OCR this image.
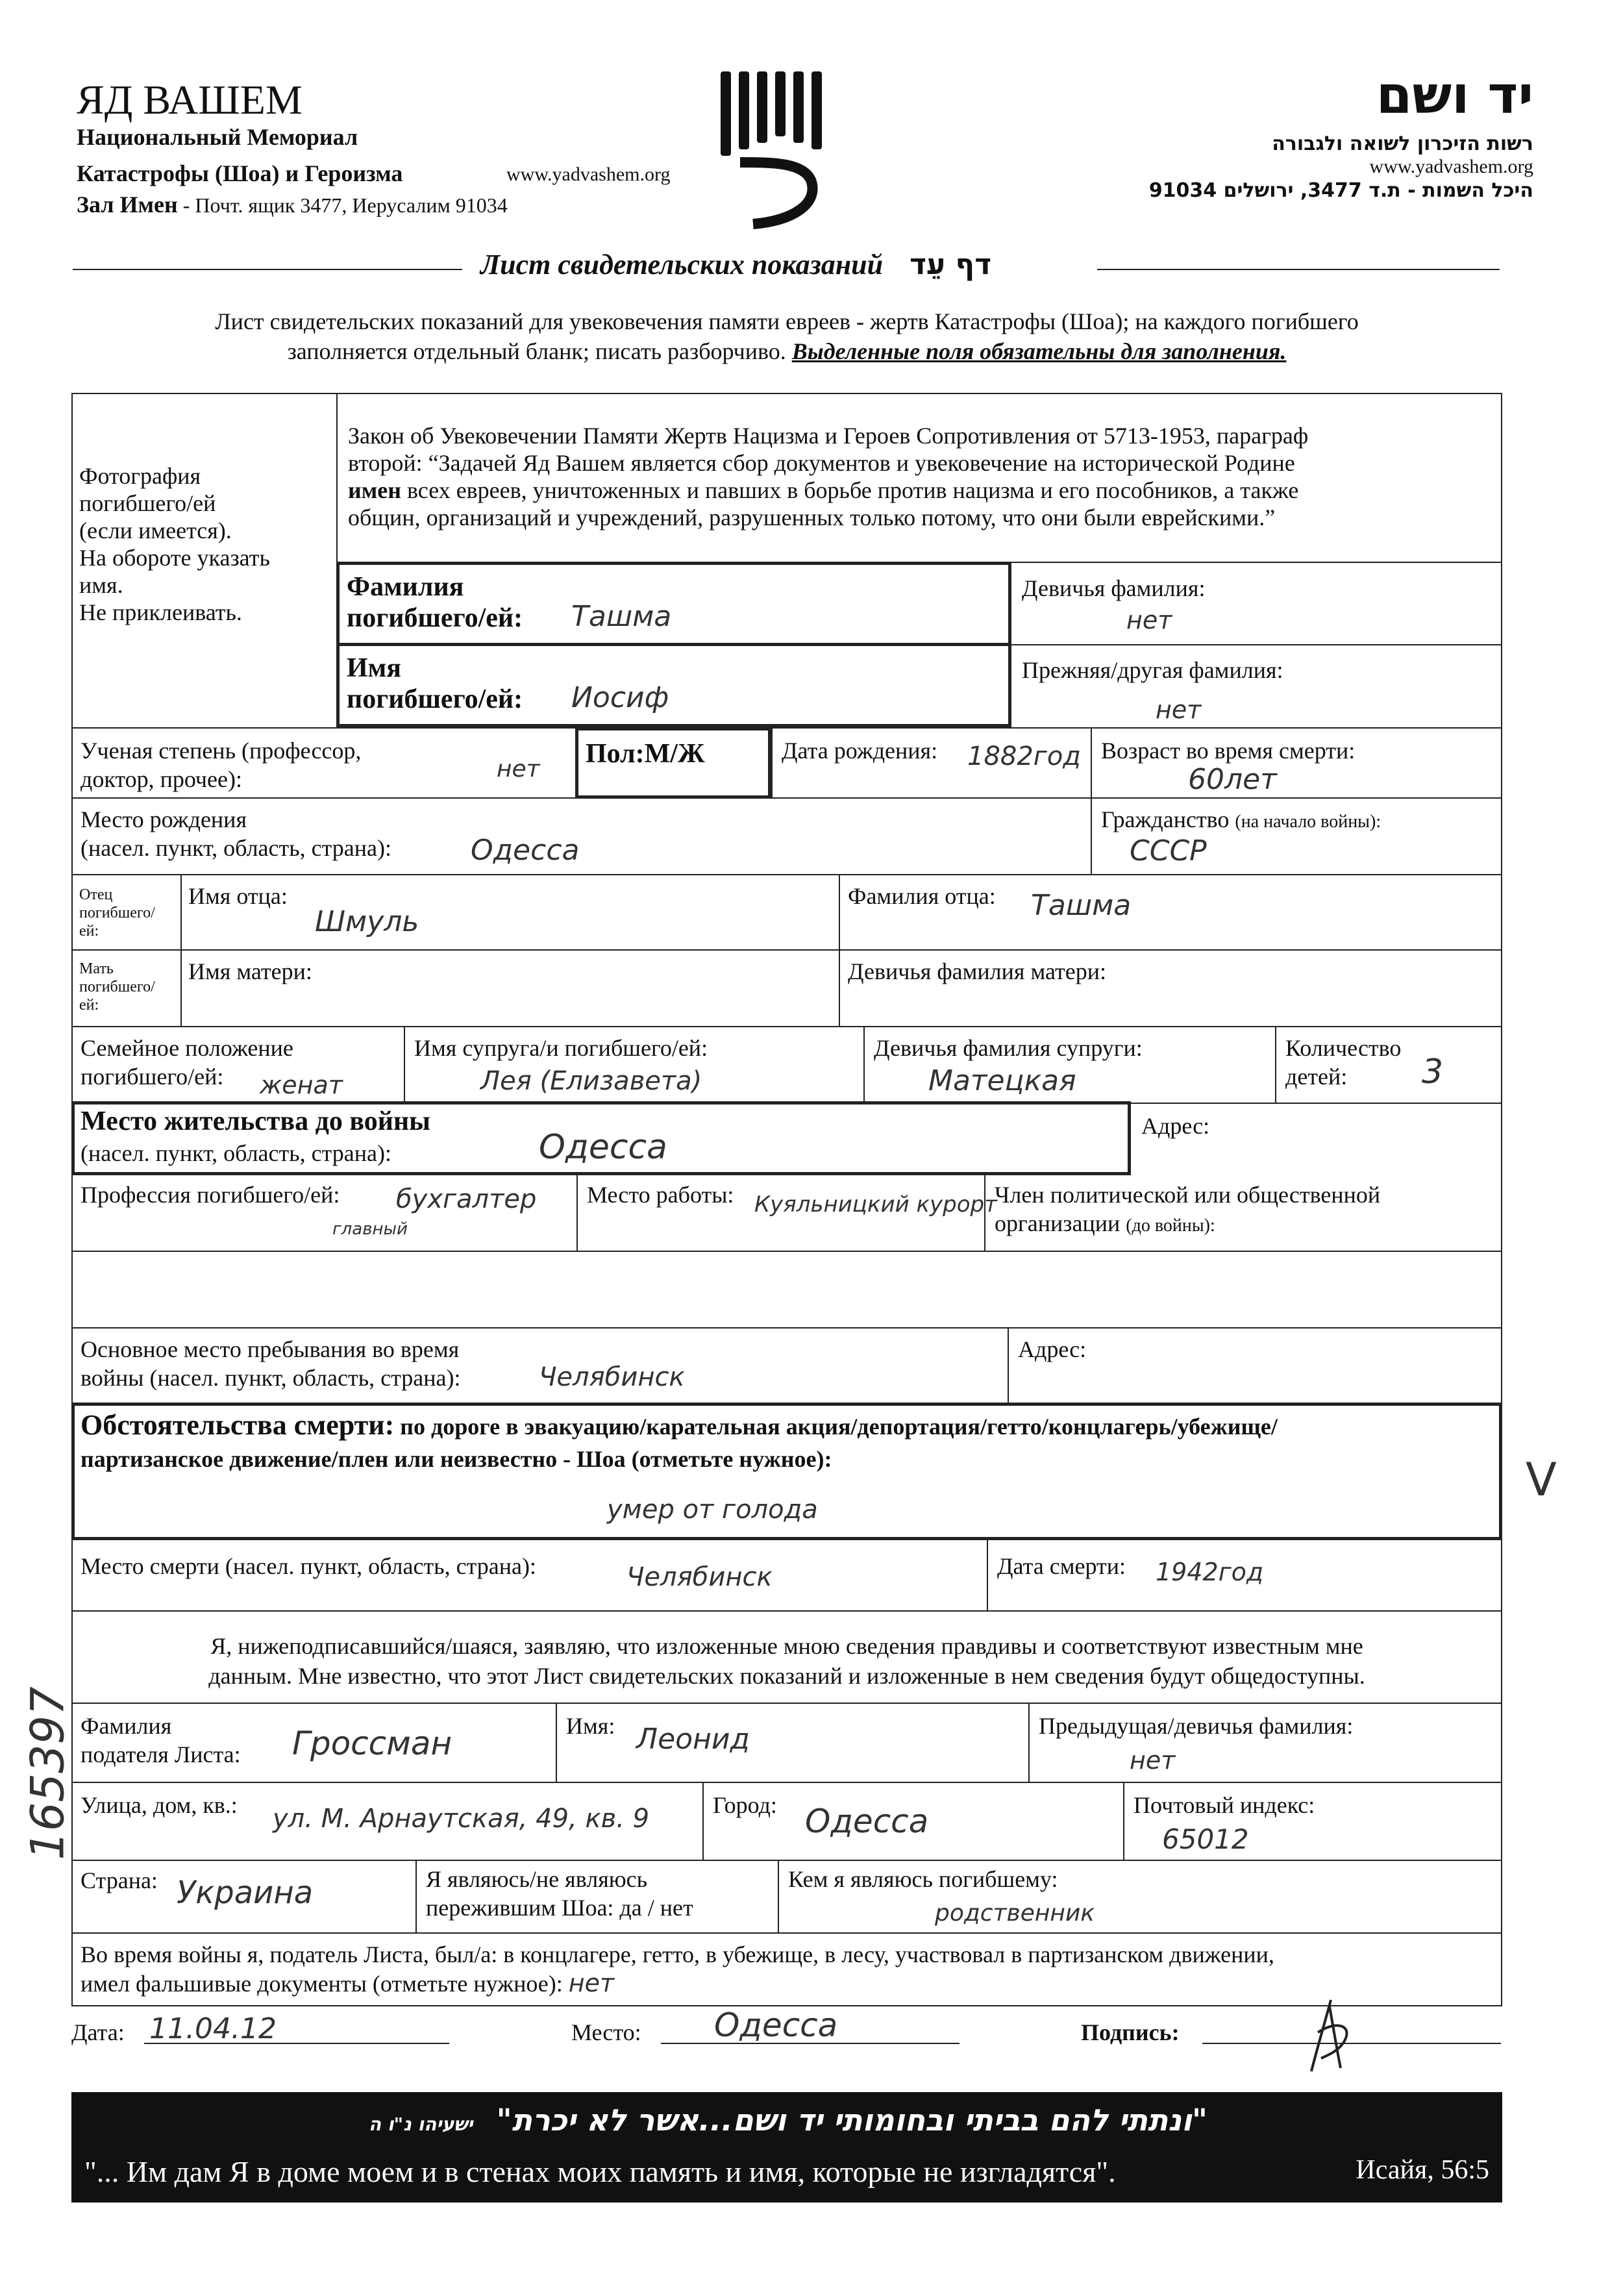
ЯД ВАШЕМ
Национальный Мемориал
Катастрофы (Шоа) и Героизма	www.yadvashem.org
Зал Имен - Почт. ящик 3477, Иерусалим 91034
יד ושם
רשות הזיכרון לשואה ולגבורה
www.yadvashem.org
היכל השמות - ת.ד 3477, ירושלים 91034
Лист свидетельских показаний דף עֵד
Лист свидетельских показаний для увековечения памяти евреев - жертв Катастрофы (Шоа); на каждого погибшего
заполняется отдельный бланк; писать разборчиво. Выделенные поля обязательны для заполнения.
Фотография
погибшего/ей
(если имеется).
На обороте указать
имя.
Не приклеивать.
Закон об Увековечении Памяти Жертв Нацизма и Героев Сопротивления от 5713-1953, параграф
второй: “Задачей Яд Вашем является сбор документов и увековечение на исторической Родине
имен всех евреев, уничтоженных и павших в борьбе против нацизма и его пособников, а также
общин, организаций и учреждений, разрушенных только потому, что они были еврейскими.”
Фамилия
погибшего/ей: Ташма
Девичья фамилия:
нет
Имя
погибшего/ей: Иосиф
Прежняя/другая фамилия:
нет
Ученая степень (профессор,
доктор, прочее):	нет
Пол:М/Ж	Дата рождения: 1882год Возраст во время смерти:
60лет
Место рождения
(насел. пункт, область, страна):	Одесса
Гражданство (на начало войны):
СССР
Отец
погибшего/
ей:
Имя отца:
Шмуль
Фамилия отца: Ташма
Мать
погибшего/
ей:
Имя матери:	Девичья фамилия матери:
Семейное положение
погибшего/ей:	женат
Имя супруга/и погибшего/ей:
Лея (Елизавета)
Девичья фамилия супруги:
Матецкая
Количество
детей:	3
Место жительства до войны
(насел. пункт, область, страна):	Одесса
Адрес:
Профессия погибшего/ей:
главный
бухгалтер Место работы: Куяльницкий курорт
Член политической или общественной
организации (до войны):
Основное место пребывания во время
войны (насел. пункт, область, страна):	Челябинск
Адрес:
Обстоятельства смерти: по дороге в эвакуацию/карательная акция/депортация/гетто/концлагерь/убежище/
партизанское движение/плен или неизвестно - Шоа (отметьте нужное):
умер от голода
V
Место смерти (насел. пункт, область, страна):	Челябинск	Дата смерти: 1942год
Я, нижеподписавшийся/шаяся, заявляю, что изложенные мною сведения правдивы и соответствуют известным мне
данным. Мне известно, что этот Лист свидетельских показаний и изложенные в нем сведения будут общедоступны.
Фамилия
подателя Листа: Гроссман	Имя: Леонид	Предыдущая/девичья фамилия:
нет
Улица, дом, кв.: ул. М. Арнаутская, 49, кв. 9	Город: Одесса	Почтовый индекс:
65012
Страна: Украина	Я являюсь/не являюсь
пережившим Шоа: да / нет
Кем я являюсь погибшему:
родственник
Во время войны я, податель Листа, был/а: в концлагере, гетто, в убежище, в лесу, участвовал в партизанском движении,
имел фальшивые документы (отметьте нужное): нет
165397
Дата: 11.04.12	Место: Одесса	Подпись:
"ונתתי להם בביתי ובחומותי יד ושם...אשר לא יכרת" ישעיהו נ"ו ה
"... Им дам Я в доме моем и в стенах моих память и имя, которые не изгладятся".	Исайя, 56:5
